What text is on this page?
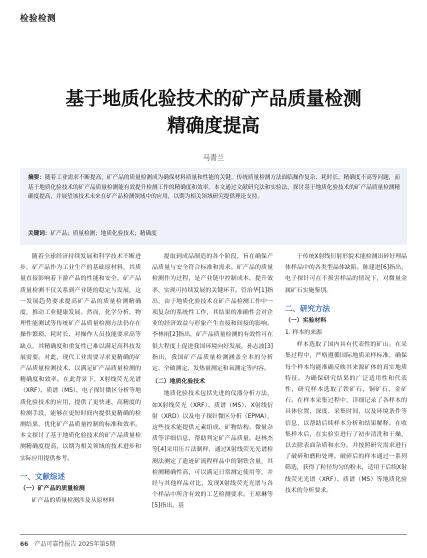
检验检测
基于地质化验技术的矿产品质量检测
精确度提高
马青兰
摘要：随着工业需求不断提高，矿产品的质量检测成为确保材料质量和性能的关键。传统质量检测方法面临操作复杂、耗时长、精确度不高等问题，而基于地质化验技术的矿产品质量检测能有效提升检测工作的精确度和效率。本文通过文献研究法和实验法，探讨基于地质化验技术的矿产品质量检测精确度提高，并展望该技术未来在矿产品检测领域中的应用，以期为相关领域研究提供理论支持。
关键词：矿产品；质量检测；地质化验技术；精确度

随着全球经济持续发展和科学技术不断进步，矿产品作为工业生产的基础原材料，其质量直接影响着下游产品的性能和安全。矿产品质量检测不仅关系到产业链的稳定与发展，这一发展趋势要求提高矿产品的质量检测精确度，推动工业健康发展。然而，化学分析、物理性能测试等传统矿产品质量检测方法仍存在操作繁琐、耗时长、对操作人员技能要求高等缺点，其精确度和重复性已难以满足高科技发展需要。对此，现代工业需要寻求更精确的矿产品质量检测技术，以满足矿产品质量检测的精确度和效率。在此背景下，X射线荧光光谱（XRF）、质谱（MS）、电子探针微区分析等地质化验技术的应用，提供了更快速、高精度的检测手段，能够在更短时间内提供更精确的检测结果，优化矿产品质量控制的标准和效率。本文探讨了基于地质化验技术的矿产品质量检测精确度提高，以期为相关领域的技术进步和实际应用提供参考。

一、文献综述
（一）矿产品的质量检测

矿产品的质量检测涉及从原材料

提取到成品制造的各个阶段，旨在确保产品质量与安全符合标准和需求。矿产品的质量检测作为过程，是产业链中控制成本、提升效率、实现可持续发展的关键环节。管治华[1]指出，由于地质化验技术在矿产品检测工作中一项复杂的系统性工作，其结果的准确性会对企业的经济效益与形象产生直接和间接的影响。李林雨[2]指出，矿产品质量检测的有效性可在很大程度上促进我国环境向好发展。孙志波[3]指出，我国矿产品质量检测涵盖全本的分析定、全破测定、发热量测定和氧测定等内容。

（二）地质化验技术

地质化验技术包括先进的仪器分析方法，如X射线荧光（XRF）、质谱（MS）、X射线衍射（XRD）以及电子探针微区分析（EPMA），这些技术能提供元素组成、矿物结构、微量杂质等详细信息，帮助判定矿产品质量。赵林杰等[4]采用压片法制样，通过X射线荧光光谱检测法测定了遗迹矿流程样品中的钢铁含量，其检测精确性高，可以满足日常测定使用等，并经与其他样品对比，发现X射线荧光光谱与各个样品中所含有效的工艺检测要求。王琼琳等[5]指出，基

于传统X射线衍射形貌术能检测出碎好理晶体样品中的各类型晶体缺陷。陈建进[6]指出，电子探针可在不损害样品的情况下，对微量金属矿石实施鉴别。

二、研究方法
（一）实验材料
1. 样本的来源

样本选取了国内具有代表性的矿山。在采集过程中，严格遵循国际地质采样标准，确保每个样本均能准确反映其来源矿体的真实地质特征。为确保研究结果的广泛适用性和代表性，研究样本选取了铁矿石、铜矿石、金矿石。在样本采集过程中，详细记录了各样本的具体位置、深度、采集时间，以及环境条件等信息，以帮助后续样本分析和结果解释。在收集样本后，在实验室进行了初步清洗和干燥，以去除表面杂质和水分。并按照研究需求进行了破碎和磨粉处理。破碎后的样本通过一系列筛选，获得了粒径均匀的粉末，适用于后续X射线荧光光谱（XRF）、质谱（MS）等地质化验技术的分析要求。

66 产品可靠性报告 2025年第5期
